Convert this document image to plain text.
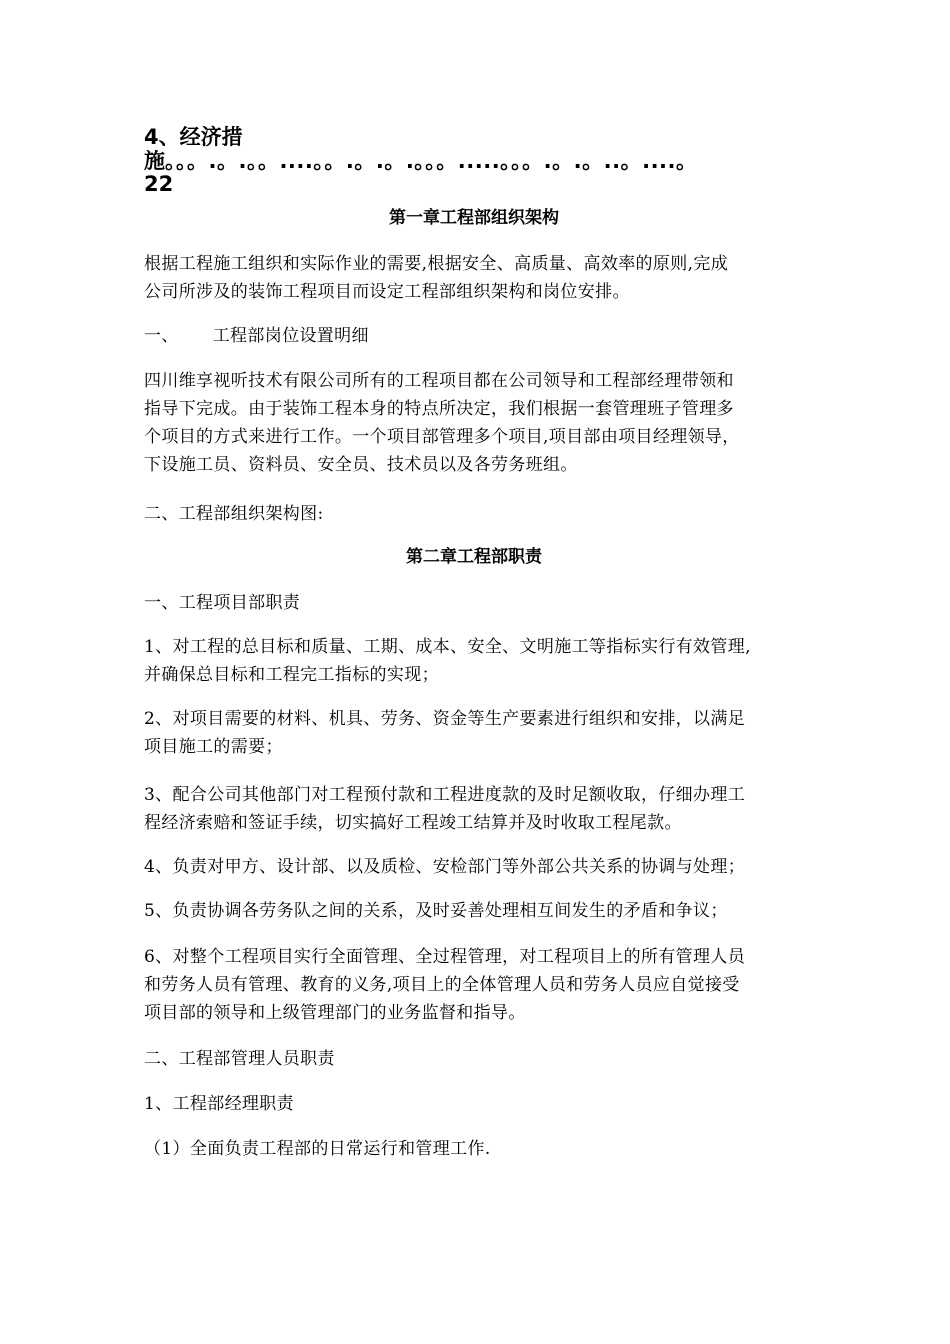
4、经济措
施。。。.。.。。....。。.。.。.。。。.....。。。.。.。..。....。
22
第一章工程部组织架构
根据工程施工组织和实际作业的需要,根据安全、高质量、高效率的原则,完成
公司所涉及的装饰工程项目而设定工程部组织架构和岗位安排。
一、 工程部岗位设置明细
四川维享视听技术有限公司所有的工程项目都在公司领导和工程部经理带领和
指导下完成。由于装饰工程本身的特点所决定，我们根据一套管理班子管理多
个项目的方式来进行工作。一个项目部管理多个项目,项目部由项目经理领导，
下设施工员、资料员、安全员、技术员以及各劳务班组。
二、工程部组织架构图:
第二章工程部职责
一、工程项目部职责
1、对工程的总目标和质量、工期、成本、安全、文明施工等指标实行有效管理,
并确保总目标和工程完工指标的实现；
2、对项目需要的材料、机具、劳务、资金等生产要素进行组织和安排，以满足
项目施工的需要；
3、配合公司其他部门对工程预付款和工程进度款的及时足额收取，仔细办理工
程经济索赔和签证手续，切实搞好工程竣工结算并及时收取工程尾款。
4、负责对甲方、设计部、以及质检、安检部门等外部公共关系的协调与处理；
5、负责协调各劳务队之间的关系，及时妥善处理相互间发生的矛盾和争议；
6、对整个工程项目实行全面管理、全过程管理，对工程项目上的所有管理人员
和劳务人员有管理、教育的义务,项目上的全体管理人员和劳务人员应自觉接受
项目部的领导和上级管理部门的业务监督和指导。
二、工程部管理人员职责
1、工程部经理职责
（1）全面负责工程部的日常运行和管理工作.
